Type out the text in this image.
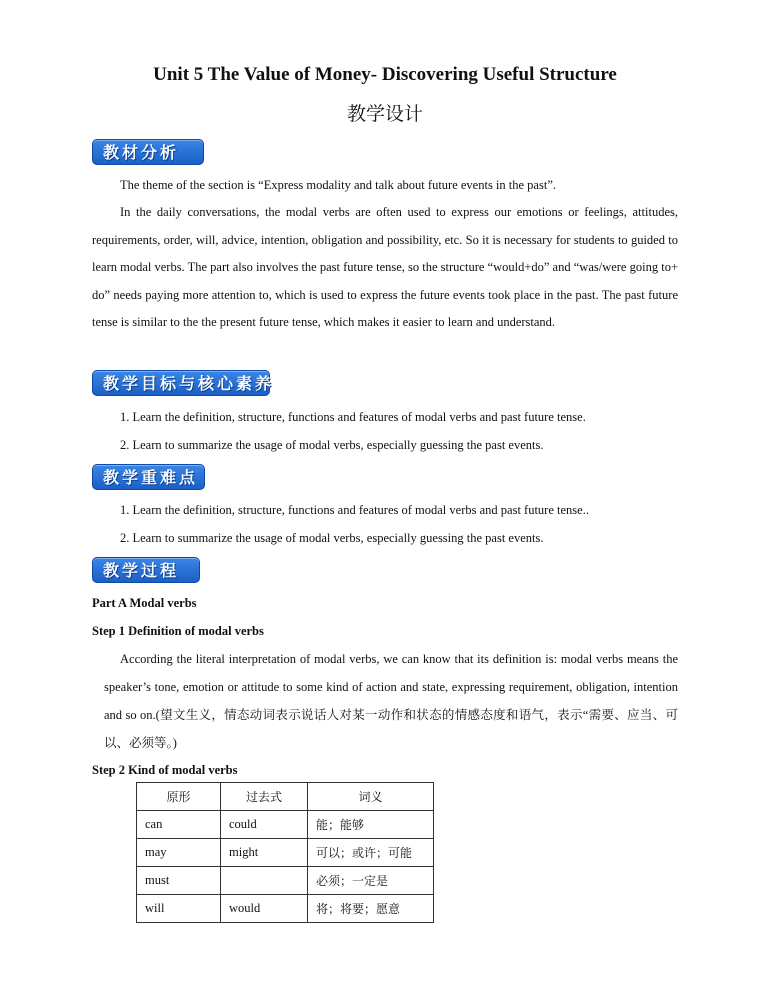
Unit 5 The Value of Money- Discovering Useful Structure
教学设计
教材分析
The theme of the section is “Express modality and talk about future events in the past”.
In the daily conversations, the modal verbs are often used to express our emotions or feelings, attitudes, requirements, order, will, advice, intention, obligation and possibility, etc. So it is necessary for students to guided to learn modal verbs. The part also involves the past future tense, so the structure “would+do” and “was/were going to+ do” needs paying more attention to, which is used to express the future events took place in the past. The past future tense is similar to the the present future tense, which makes it easier to learn and understand.
教学目标与核心素养
1. Learn the definition, structure, functions and features of modal verbs and past future tense.
2. Learn to summarize the usage of modal verbs, especially guessing the past events.
教学重难点
1. Learn the definition, structure, functions and features of modal verbs and past future tense..
2. Learn to summarize the usage of modal verbs, especially guessing the past events.
教学过程
Part A Modal verbs
Step 1 Definition of modal verbs
According the literal interpretation of modal verbs, we can know that its definition is: modal verbs means the speaker’s tone, emotion or attitude to some kind of action and state, expressing requirement, obligation, intention and so on.(望文生义，情态动词表示说话人对某一动作和状态的情感态度和语气，表示“需要、应当、可以、必须等。)
Step 2 Kind of modal verbs
原形	过去式	词义
can	could	能；能够
may	might	可以；或许；可能
must		必须；一定是
will	would	将；将要；愿意
